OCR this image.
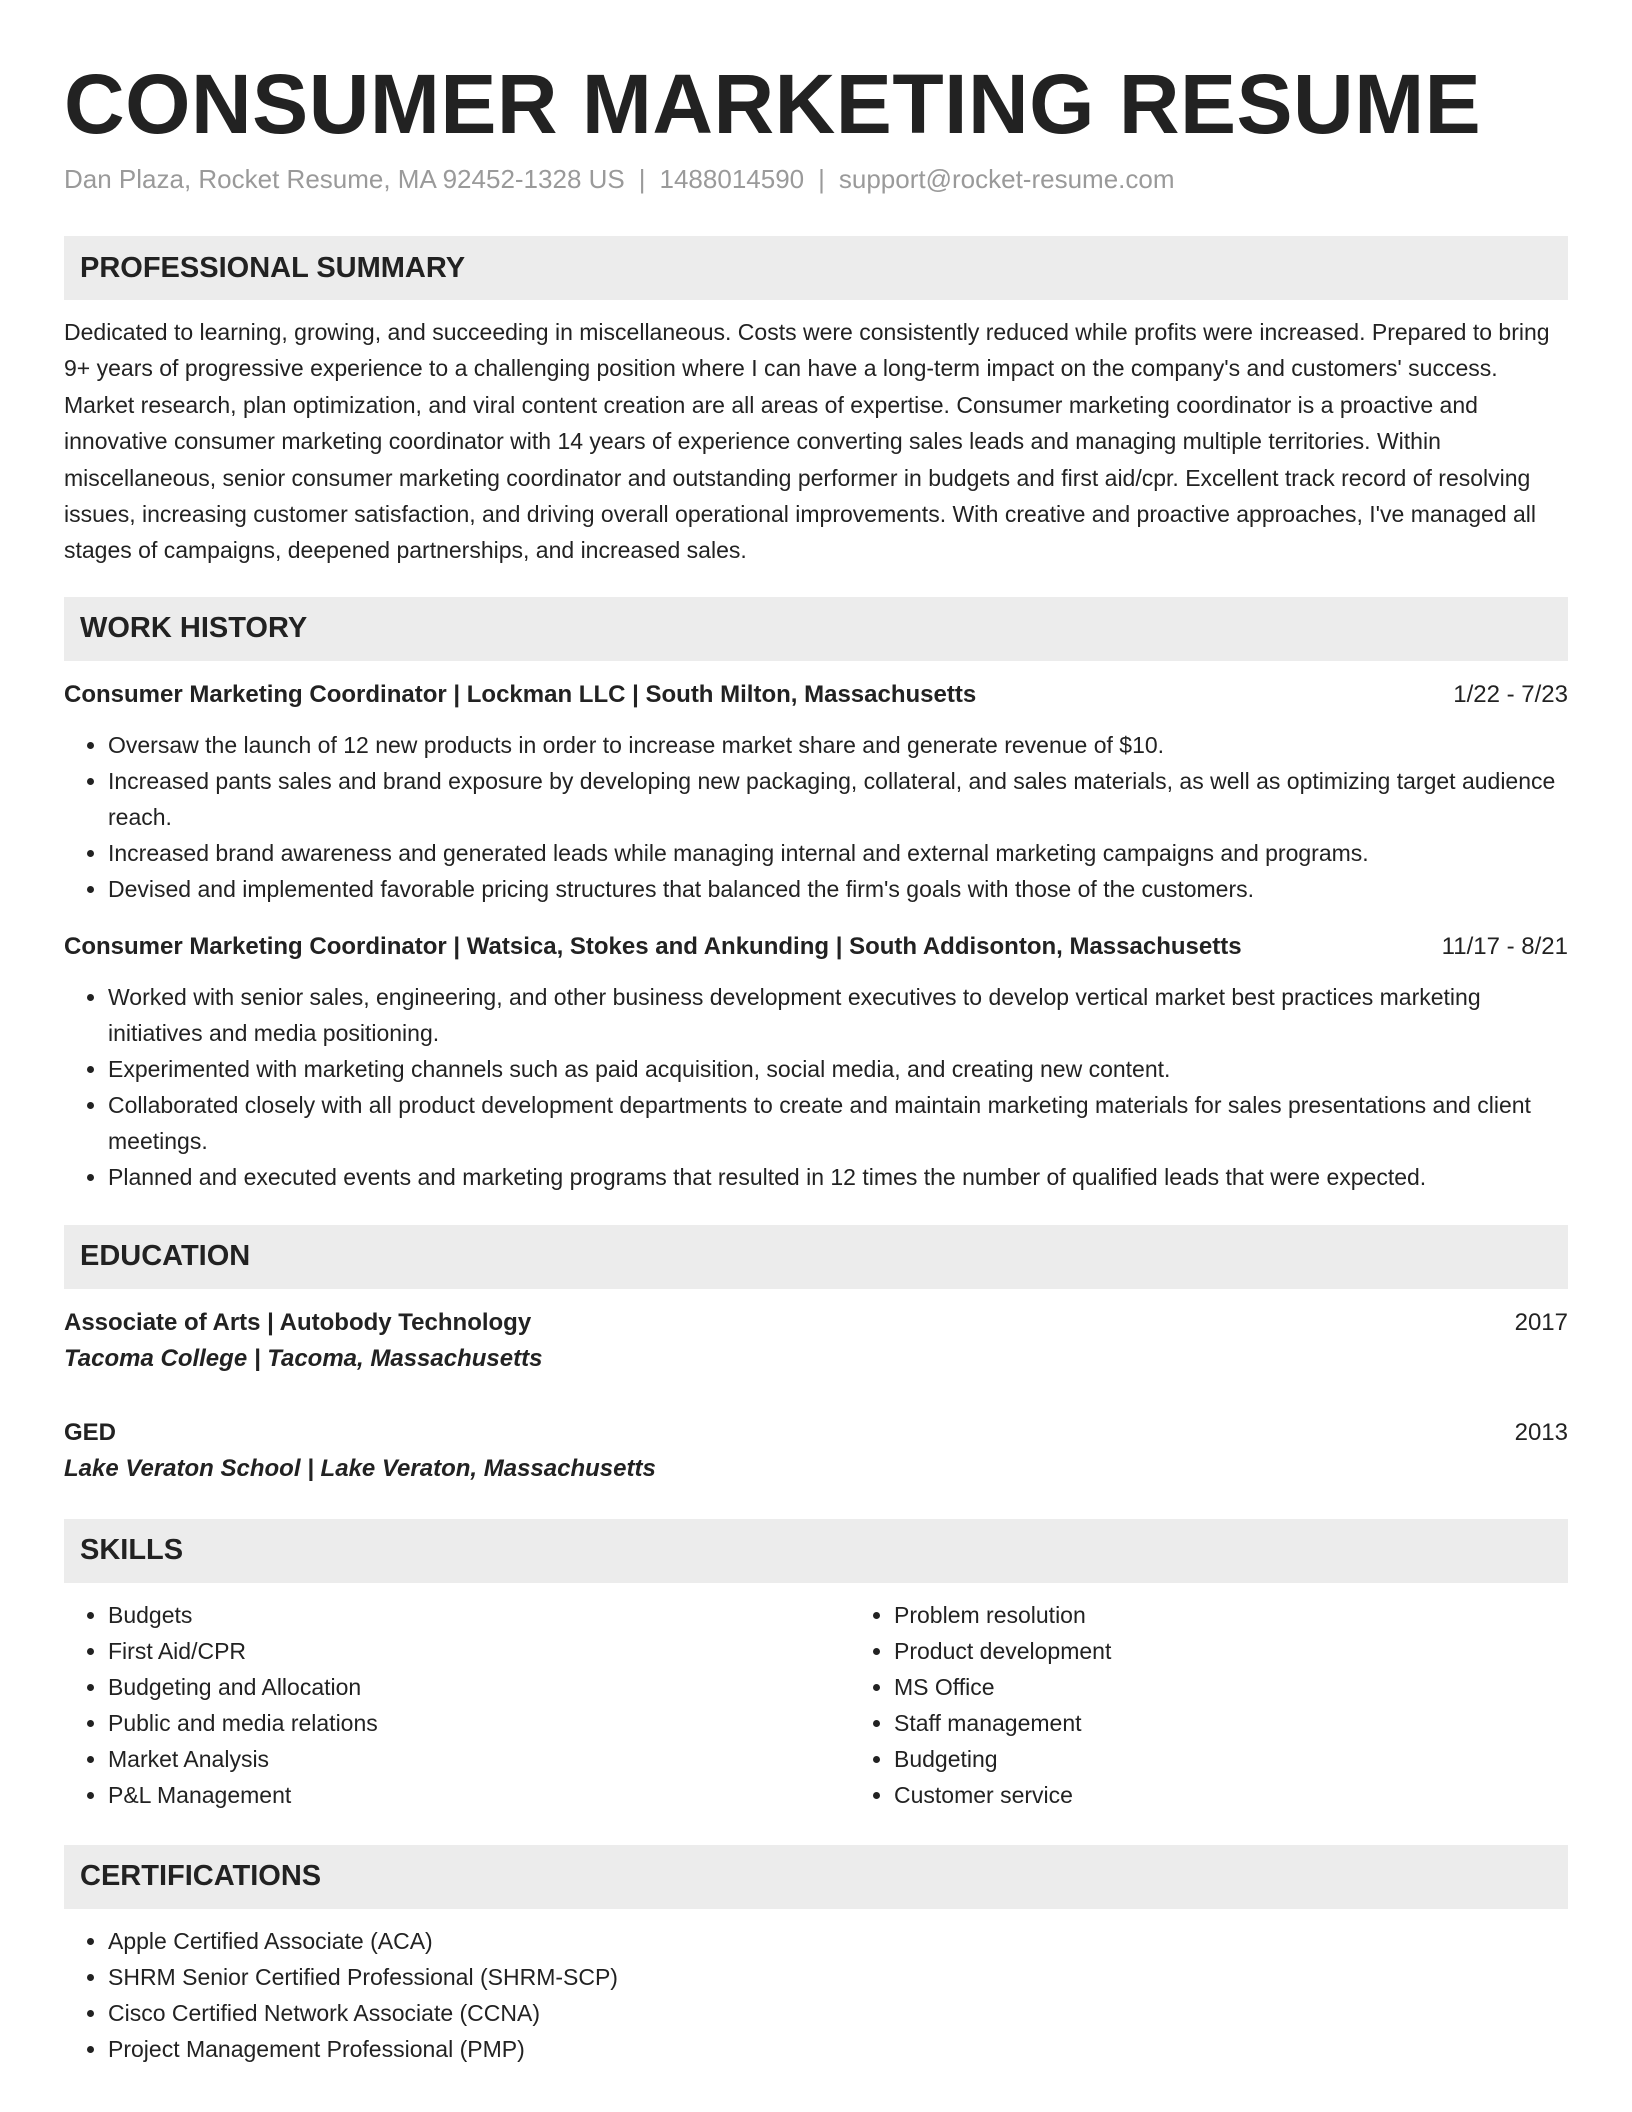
CONSUMER MARKETING RESUME
Dan Plaza, Rocket Resume, MA 92452-1328 US | 1488014590 | support@rocket-resume.com
PROFESSIONAL SUMMARY

Dedicated to learning, growing, and succeeding in miscellaneous. Costs were consistently reduced while profits were increased. Prepared to bring 9+ years of progressive experience to a challenging position where I can have a long-term impact on the company's and customers' success. Market research, plan optimization, and viral content creation are all areas of expertise. Consumer marketing coordinator is a proactive and innovative consumer marketing coordinator with 14 years of experience converting sales leads and managing multiple territories. Within miscellaneous, senior consumer marketing coordinator and outstanding performer in budgets and first aid/cpr. Excellent track record of resolving issues, increasing customer satisfaction, and driving overall operational improvements. With creative and proactive approaches, I've managed all stages of campaigns, deepened partnerships, and increased sales.

WORK HISTORY
Consumer Marketing Coordinator | Lockman LLC | South Milton, Massachusetts	1/22 - 7/23
• Oversaw the launch of 12 new products in order to increase market share and generate revenue of $10.
• Increased pants sales and brand exposure by developing new packaging, collateral, and sales materials, as well as optimizing target audience reach.
• Increased brand awareness and generated leads while managing internal and external marketing campaigns and programs.
• Devised and implemented favorable pricing structures that balanced the firm's goals with those of the customers.
Consumer Marketing Coordinator | Watsica, Stokes and Ankunding | South Addisonton, Massachusetts	11/17 - 8/21
• Worked with senior sales, engineering, and other business development executives to develop vertical market best practices marketing initiatives and media positioning.
• Experimented with marketing channels such as paid acquisition, social media, and creating new content.
• Collaborated closely with all product development departments to create and maintain marketing materials for sales presentations and client meetings.
• Planned and executed events and marketing programs that resulted in 12 times the number of qualified leads that were expected.
EDUCATION
Associate of Arts | Autobody Technology	2017
Tacoma College | Tacoma, Massachusetts
GED	2013
Lake Veraton School | Lake Veraton, Massachusetts
SKILLS
• Budgets
• First Aid/CPR
• Budgeting and Allocation
• Public and media relations
• Market Analysis
• P&L Management
• Problem resolution
• Product development
• MS Office
• Staff management
• Budgeting
• Customer service
CERTIFICATIONS
• Apple Certified Associate (ACA)
• SHRM Senior Certified Professional (SHRM-SCP)
• Cisco Certified Network Associate (CCNA)
• Project Management Professional (PMP)
